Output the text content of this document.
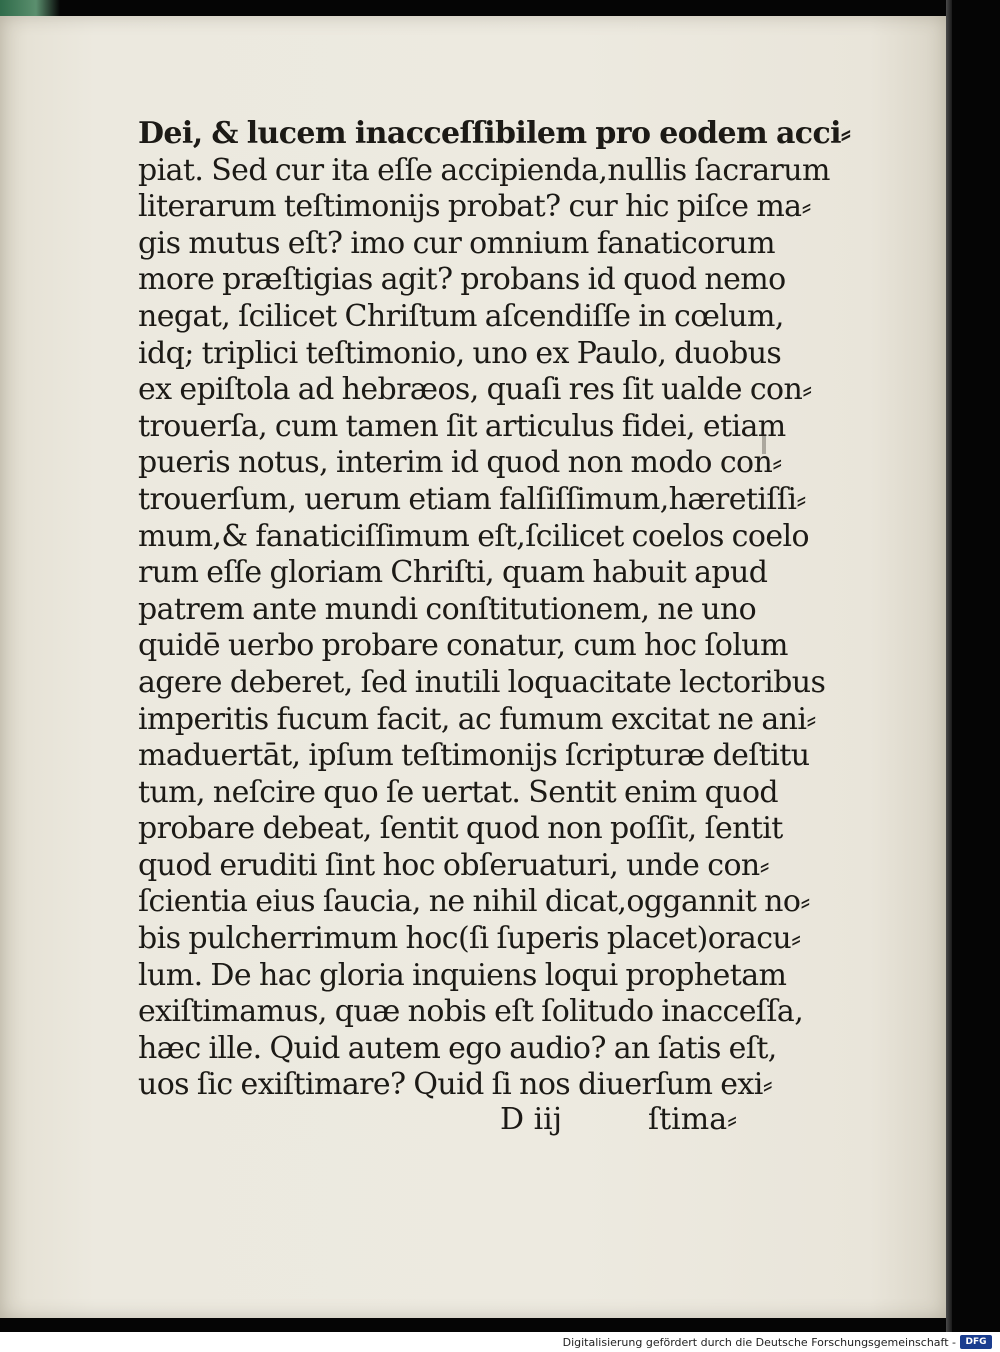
Dei, & lucem inacceſſibilem pro eodem acci⸗
piat. Sed cur ita eſſe accipienda,nullis ſacrarum
literarum teſtimonijs probat? cur hic piſce ma⸗
gis mutus eſt? imo cur omnium fanaticorum
more præſtigias agit? probans id quod nemo
negat, ſcilicet Chriſtum aſcendiſſe in cœlum,
idq; triplici teſtimonio, uno ex Paulo, duobus
ex epiſtola ad hebræos, quaſi res ſit ualde con⸗
trouerſa, cum tamen ſit articulus fidei, etiam
pueris notus, interim id quod non modo con⸗
trouerſum, uerum etiam falſiſſimum,hæretiſſi⸗
mum,& fanaticiſſimum eſt,ſcilicet coelos coelo
rum eſſe gloriam Chriſti, quam habuit apud
patrem ante mundi conſtitutionem, ne uno
quidē uerbo probare conatur, cum hoc ſolum
agere deberet, ſed inutili loquacitate lectoribus
imperitis fucum facit, ac fumum excitat ne ani⸗
maduertāt, ipſum teſtimonijs ſcripturæ deſtitu
tum, neſcire quo ſe uertat. Sentit enim quod
probare debeat, ſentit quod non poſſit, ſentit
quod eruditi ſint hoc obſeruaturi, unde con⸗
ſcientia eius ſaucia, ne nihil dicat,oggannit no⸗
bis pulcherrimum hoc(ſi ſuperis placet)oracu⸗
lum. De hac gloria inquiens loqui prophetam
exiſtimamus, quæ nobis eſt ſolitudo inacceſſa,
hæc ille. Quid autem ego audio? an ſatis eſt,
uos ſic exiſtimare? Quid ſi nos diuerſum exi⸗
D iij	ſtima⸗
Digitalisierung gefördert durch die Deutsche Forschungsgemeinschaft -	DFG
